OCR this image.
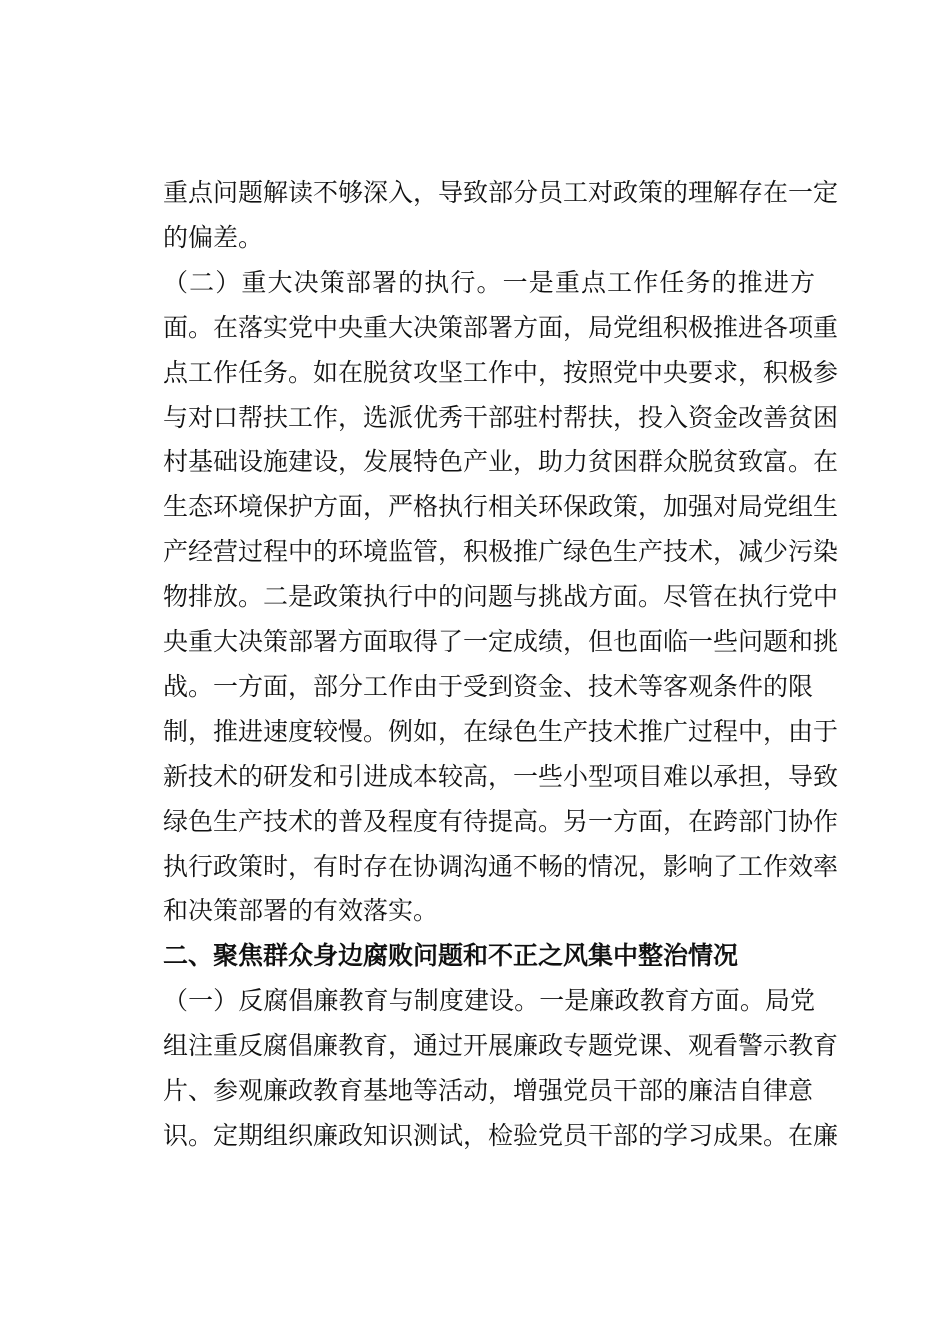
重点问题解读不够深入，导致部分员工对政策的理解存在一定
的偏差。
（二）重大决策部署的执行。一是重点工作任务的推进方
面。在落实党中央重大决策部署方面，局党组积极推进各项重
点工作任务。如在脱贫攻坚工作中，按照党中央要求，积极参
与对口帮扶工作，选派优秀干部驻村帮扶，投入资金改善贫困
村基础设施建设，发展特色产业，助力贫困群众脱贫致富。在
生态环境保护方面，严格执行相关环保政策，加强对局党组生
产经营过程中的环境监管，积极推广绿色生产技术，减少污染
物排放。二是政策执行中的问题与挑战方面。尽管在执行党中
央重大决策部署方面取得了一定成绩，但也面临一些问题和挑
战。一方面，部分工作由于受到资金、技术等客观条件的限
制，推进速度较慢。例如，在绿色生产技术推广过程中，由于
新技术的研发和引进成本较高，一些小型项目难以承担，导致
绿色生产技术的普及程度有待提高。另一方面，在跨部门协作
执行政策时，有时存在协调沟通不畅的情况，影响了工作效率
和决策部署的有效落实。
二、聚焦群众身边腐败问题和不正之风集中整治情况
（一）反腐倡廉教育与制度建设。一是廉政教育方面。局党
组注重反腐倡廉教育，通过开展廉政专题党课、观看警示教育
片、参观廉政教育基地等活动，增强党员干部的廉洁自律意
识。定期组织廉政知识测试，检验党员干部的学习成果。在廉
